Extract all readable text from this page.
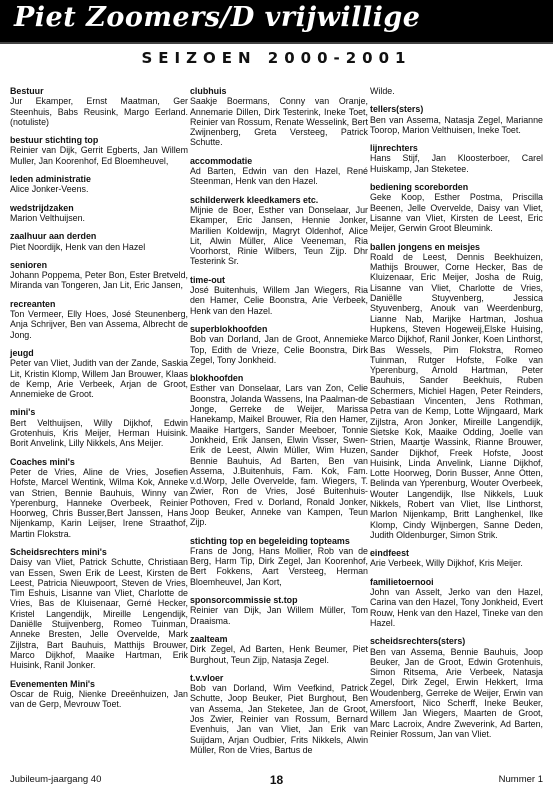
Piet Zoomers/D vrijwillige
SEIZOEN 2000-2001
Bestuur
Jur Ekamper, Ernst Maatman, Ger Steenhuis, Babs Reusink, Margo Eerland.(notuliste)
bestuur stichting top
Reinier van Dijk, Gerrit Egberts, Jan Willem Muller, Jan Koorenhof, Ed Bloemheuvel,
leden administratie
Alice Jonker-Veens.
wedstrijdzaken
Marion Velthuijsen.
zaalhuur aan derden
Piet Noordijk, Henk van den Hazel
senioren
Johann Poppema, Peter Bon, Ester Bretveld, Miranda van Tongeren, Jan Lit, Eric Jansen,
recreanten
Ton Vermeer, Elly Hoes, José Steunenberg, Anja Schrijver, Ben van Assema, Albrecht de Jong.
jeugd
Peter van Vliet, Judith van der Zande, Saskia Lit, Kristin Klomp, Willem Jan Brouwer, Klaas de Kemp, Arie Verbeek, Arjan de Groot, Annemieke de Groot.
mini's
Bert Velthuijsen, Willy Dijkhof, Edwin Grotenhuis, Kris Meijer, Herman Huisink. Borit Anvelink, Lilly Nikkels, Ans Meijer.
Coaches mini's
Peter de Vries, Aline de Vries, Josefien Hofste, Marcel Wentink, Wilma Kok, Anneke van Strien, Bennie Bauhuis, Winny van Yperenburg, Hanneke Overbeek, Reinier Hoorweg, Chris Busser,Bert Janssen, Hans Nijenkamp, Karin Leijser, Irene Straathof, Martin Flokstra.
Scheidsrechters mini's
Daisy van Vliet, Patrick Schutte, Christiaan van Essen, Swen Erik de Leest, Kirsten de Leest, Patricia Nieuwpoort, Steven de Vries, Tim Eshuis, Lisanne van Vliet, Charlotte de Vries, Bas de Kluisenaar, Gerné Hecker, Kristel Langendijk, Mireille Lengendijk, Daniëlle Stuijvenberg, Romeo Tuinman, Anneke Bresten, Jelle Overvelde, Mark Zijlstra, Bart Bauhuis, Matthijs Brouwer, Marco Dijkhof, Maaike Hartman, Erik Huisink, Ranil Jonker.
Evenementen Mini's
Oscar de Ruig, Nienke Dreeënhuizen, Jan van de Gerp, Mevrouw Toet.
clubhuis
Saakje Boermans, Conny van Oranje, Annemarie Dillen, Dirk Testerink, Ineke Toet, Reinier van Rossum, Renate Wesselink, Bert Zwijnenberg, Greta Versteeg, Patrick Schutte.
accommodatie
Ad Barten, Edwin van den Hazel, René Steenman, Henk van den Hazel.
schilderwerk kleedkamers etc.
Mijnie de Boer, Esther van Donselaar, Jur Ekamper, Eric Jansen, Hennie Jonker, Marilien Koldewijn, Magryt Oldenhof, Alice Lit, Alwin Müller, Alice Veeneman, Ria Voorhorst, Rinie Wilbers, Teun Zijp. Dhr Testerink Sr.
time-out
José Buitenhuis, Willem Jan Wiegers, Ria den Hamer, Celie Boonstra, Arie Verbeek, Henk van den Hazel.
superblokhoofden
Bob van Dorland, Jan de Groot, Annemieke Top, Edith de Vrieze, Celie Boonstra, Dirk Zegel, Tony Jonkheid.
blokhoofden
Esther van Donselaar, Lars van Zon, Celie Boonstra, Jolanda Wassens, Ina Paalman-de Jonge, Gerreke de Weijer, Marissa Hanekamp, Maikel Brouwer, Ria den Hamer, Maaike Hartgers, Sander Meeboer, Tonnie Jonkheid, Erik Jansen, Elwin Visser, Swen-Erik de Leest, Alwin Müller, Wim Huzen, Bennie Bauhuis, Ad Barten, Ben van Assema, J.Buitenhuis, Fam. Kok, Fam. v.d.Worp, Jelle Overvelde, fam. Wiegers, T. Zwier, Ron de Vries, José Buitenhuis-Pothoven, Fred v. Dorland, Ronald Jonker, Joop Beuker, Anneke van Kampen, Teun Zijp.
stichting top en begeleiding topteams
Frans de Jong, Hans Mollier, Rob van de Berg, Harm Tip, Dirk Zegel, Jan Koorenhof, Bert Fokkens, Aart Versteeg, Herman Bloemheuvel, Jan Kort,
sponsorcommissie st.top
Reinier van Dijk, Jan Willem Müller, Tom Draaisma.
zaalteam
Dirk Zegel, Ad Barten, Henk Beumer, Piet Burghout, Teun Zijp, Natasja Zegel.
t.v.vloer
Bob van Dorland, Wim Veefkind, Patrick Schutte, Joop Beuker, Piet Burghout, Ben van Assema, Jan Steketee, Jan de Groot, Jos Zwier, Reinier van Rossum, Bernard Evenhuis, Jan van Vliet, Jan Erik van Suijdam, Arjan Oudbier, Frits Nikkels, Alwin Müller, Ron de Vries, Bartus de
Wilde.
tellers(sters)
Ben van Assema, Natasja Zegel, Marianne Toorop, Marion Velthuisen, Ineke Toet.
lijnrechters
Hans Stijf, Jan Kloosterboer, Carel Huiskamp, Jan Steketee.
bediening scoreborden
Geke Koop, Esther Postma, Priscilla Beenen, Jelle Overvelde, Daisy van Vliet, Lisanne van Vliet, Kirsten de Leest, Eric Meijer, Gerwin Groot Bleumink.
ballen jongens en meisjes
Roald de Leest, Dennis Beekhuizen, Mathijs Brouwer, Corne Hecker, Bas de Kluizenaar, Eric Meijer, Josha de Ruig, Lisanne van Vliet, Charlotte de Vries, Daniëlle Stuyvenberg, Jessica Styuvenberg, Anouk van Weerdenburg, Lianne Nab, Marijke Hartman, Joshua Hupkens, Steven Hogeweij,Elske Huising, Marco Dijkhof, Ranil Jonker, Koen Linthorst, Bas Wessels, Pim Flokstra, Romeo Tuinman, Rutger Hofste, Folke van Yperenburg, Arnold Hartman, Peter Bauhuis, Sander Beekhuis, Ruben Schermers, Michiel Hagen, Peter Reinders, Sebastiaan Vincenten, Jens Rothman, Petra van de Kemp, Lotte Wijngaard, Mark Zijlstra, Aron Jonker, Mireille Langendijk, Sietske Kok, Maaike Odding, Joelle van Strien, Maartje Wassink, Rianne Brouwer, Sander Dijkhof, Freek Hofste, Joost Huisink, Linda Anvelink, Lianne Dijkhof, Lotte Hoorweg, Dorin Busser, Anne Otten, Belinda van Yperenburg, Wouter Overbeek, Wouter Langendijk, Ilse Nikkels, Luuk Nikkels, Robert van Vliet, Ilse Linthorst, Marlon Nijenkamp, Britt Langhenkel, Ilke Klomp, Cindy Wijnbergen, Sanne Deden, Judith Oldenburger, Simon Strik.
eindfeest
Arie Verbeek, Willy Dijkhof, Kris Meijer.
familietoernooi
John van Asselt, Jerko van den Hazel, Carina van den Hazel, Tony Jonkheid, Evert Rouw, Henk van den Hazel, Tineke van den Hazel.
scheidsrechters(sters)
Ben van Assema, Bennie Bauhuis, Joop Beuker, Jan de Groot, Edwin Grotenhuis, Simon Ritsema, Arie Verbeek, Natasja Zegel, Dirk Zegel, Erwin Hekkert, Irma Woudenberg, Gerreke de Weijer, Erwin van Amersfoort, Nico Scherff, Ineke Beuker, Willem Jan Wiegers, Maarten de Groot, Marc Lacroix, Andre Zweverink, Ad Barten, Reinier Rossum, Jan van Vliet.
Jubileum-jaargang 40	18	Nummer 1
